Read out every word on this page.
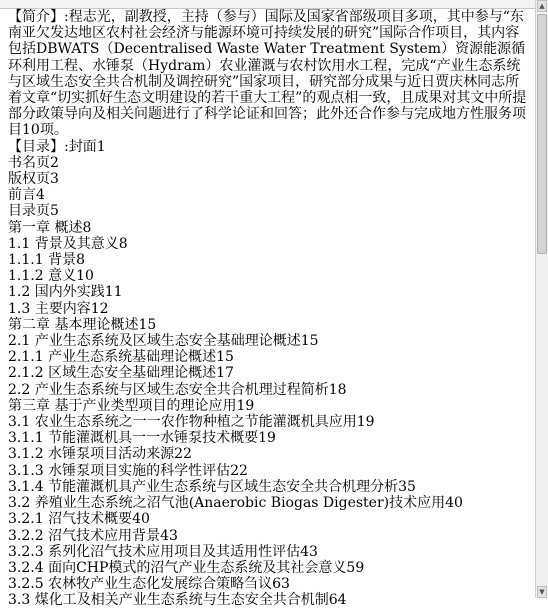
【简介】:程志光，副教授，主持（参与）国际及国家省部级项目多项，其中参与“东南亚欠发达地区农村社会经济与能源环境可持续发展的研究”国际合作项目，其内容包括DBWATS（Decentralised Waste Water Treatment System）资源能源循环利用工程、水锤泵（Hydram）农业灌溉与农村饮用水工程，完成“产业生态系统与区域生态安全共合机制及调控研究”国家项目，研究部分成果与近日贾庆林同志所着文章“切实抓好生态文明建设的若干重大工程”的观点相一致，且成果对其文中所提部分政策导向及相关问题进行了科学论证和回答；此外还合作参与完成地方性服务项目10项。

【目录】:封面1
书名页2
版权页3
前言4
目录页5
第一章 概述8
1.1 背景及其意义8
1.1.1 背景8
1.1.2 意义10
1.2 国内外实践11
1.3 主要内容12
第二章 基本理论概述15
2.1 产业生态系统及区域生态安全基础理论概述15
2.1.1 产业生态系统基础理论概述15
2.1.2 区域生态安全基础理论概述17
2.2 产业生态系统与区域生态安全共合机理过程简析18
第三章 基于产业类型项目的理论应用19
3.1 农业生态系统之一一农作物种植之节能灌溉机具应用19
3.1.1 节能灌溉机具一一水锤泵技术概要19
3.1.2 水锤泵项目活动来源22
3.1.3 水锤泵项目实施的科学性评估22
3.1.4 节能灌溉机具产业生态系统与区域生态安全共合机理分析35
3.2 养殖业生态系统之沼气池(Anaerobic Biogas Digester)技术应用40
3.2.1 沼气技术概要40
3.2.2 沼气技术应用背景43
3.2.3 系列化沼气技术应用项目及其适用性评估43
3.2.4 面向CHP模式的沼气产业生态系统及其社会意义59
3.2.5 农林牧产业生态化发展综合策略刍议63
3.3 煤化工及相关产业生态系统与生态安全共合机制64
▲
▼
